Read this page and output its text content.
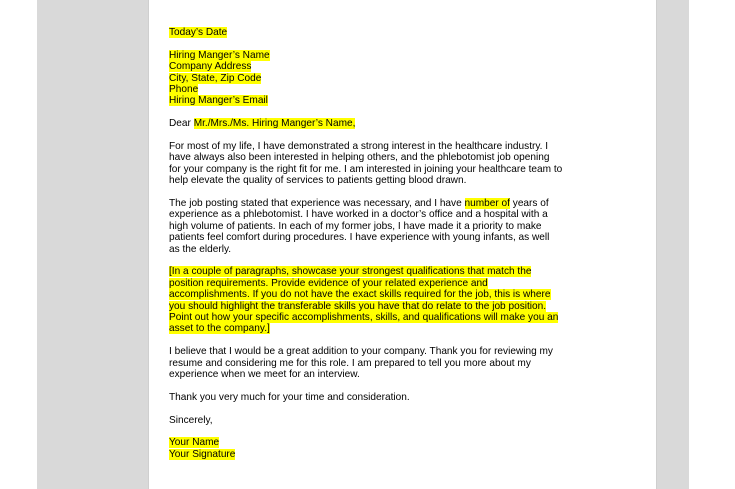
Today’s Date

Hiring Manger’s Name
Company Address
City, State, Zip Code
Phone
Hiring Manger’s Email

Dear Mr./Mrs./Ms. Hiring Manger’s Name,

For most of my life, I have demonstrated a strong interest in the healthcare industry. I
have always also been interested in helping others, and the phlebotomist job opening
for your company is the right fit for me. I am interested in joining your healthcare team to
help elevate the quality of services to patients getting blood drawn.

The job posting stated that experience was necessary, and I have number of years of
experience as a phlebotomist. I have worked in a doctor’s office and a hospital with a
high volume of patients. In each of my former jobs, I have made it a priority to make
patients feel comfort during procedures. I have experience with young infants, as well
as the elderly.

[In a couple of paragraphs, showcase your strongest qualifications that match the
position requirements. Provide evidence of your related experience and
accomplishments. If you do not have the exact skills required for the job, this is where
you should highlight the transferable skills you have that do relate to the job position.
Point out how your specific accomplishments, skills, and qualifications will make you an
asset to the company.]

I believe that I would be a great addition to your company. Thank you for reviewing my
resume and considering me for this role. I am prepared to tell you more about my
experience when we meet for an interview.

Thank you very much for your time and consideration.

Sincerely,

Your Name
Your Signature
